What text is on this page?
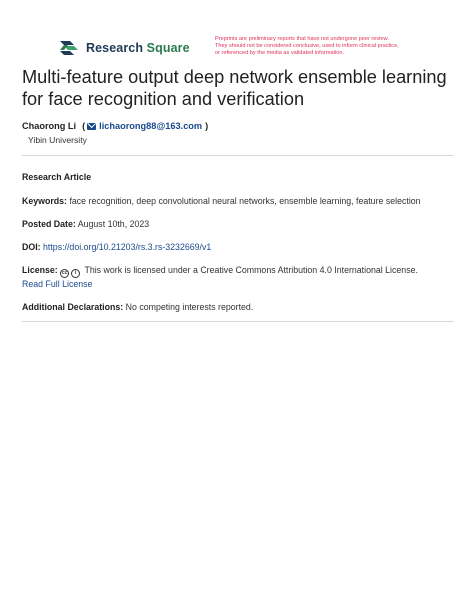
Research Square
Preprints are preliminary reports that have not undergone peer review.
They should not be considered conclusive, used to inform clinical practice,
or referenced by the media as validated information.
Multi-feature output deep network ensemble learning for face recognition and verification
Chaorong Li ( lichaorong88@163.com )
Yibin University
Research Article
Keywords: face recognition, deep convolutional neural networks, ensemble learning, feature selection
Posted Date: August 10th, 2023
DOI: https://doi.org/10.21203/rs.3.rs-3232669/v1
License: cc	i This work is licensed under a Creative Commons Attribution 4.0 International License.
Read Full License
Additional Declarations: No competing interests reported.
